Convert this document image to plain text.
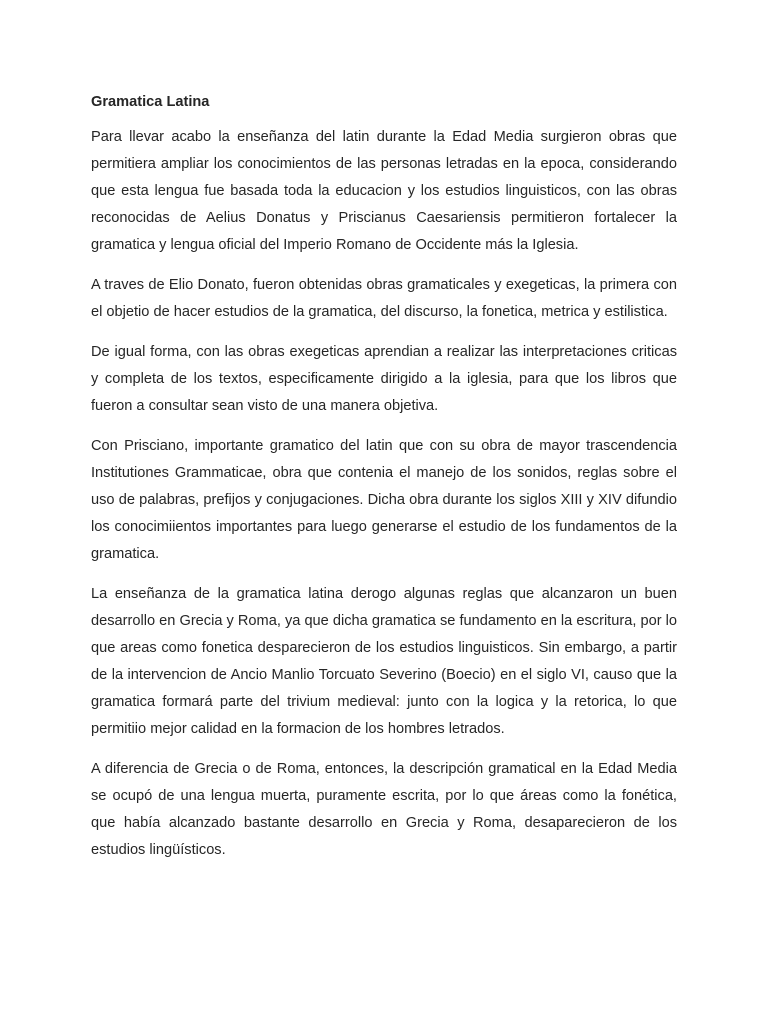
Gramatica Latina

Para llevar acabo la enseñanza del latin durante la Edad Media surgieron obras que permitiera ampliar los conocimientos de las personas letradas en la epoca, considerando que esta lengua fue basada toda la educacion y los estudios linguisticos, con las obras reconocidas de Aelius Donatus y Priscianus Caesariensis permitieron fortalecer la gramatica y lengua oficial del Imperio Romano de Occidente más la Iglesia.

A traves de Elio Donato, fueron obtenidas obras gramaticales y exegeticas, la primera con el objetio de hacer estudios de la gramatica, del discurso, la fonetica, metrica y estilistica.

De igual forma, con las obras exegeticas aprendian a realizar las interpretaciones criticas y completa de los textos, especificamente dirigido a la iglesia, para que los libros que fueron a consultar sean visto de una manera objetiva.

Con Prisciano, importante gramatico del latin que con su obra de mayor trascendencia Institutiones Grammaticae, obra que contenia el manejo de los sonidos, reglas sobre el uso de palabras, prefijos y conjugaciones. Dicha obra durante los siglos XIII y XIV difundio los conocimiientos importantes para luego generarse el estudio de los fundamentos de la gramatica.

La enseñanza de la gramatica latina derogo algunas reglas que alcanzaron un buen desarrollo en Grecia y Roma, ya que dicha gramatica se fundamento en la escritura, por lo que areas como fonetica desparecieron de los estudios linguisticos. Sin embargo, a partir de la intervencion de Ancio Manlio Torcuato Severino (Boecio) en el siglo VI, causo que la gramatica formará parte del trivium medieval: junto con la logica y la retorica, lo que permitiio mejor calidad en la formacion de los hombres letrados.

A diferencia de Grecia o de Roma, entonces, la descripción gramatical en la Edad Media se ocupó de una lengua muerta, puramente escrita, por lo que áreas como la fonética, que había alcanzado bastante desarrollo en Grecia y Roma, desaparecieron de los estudios lingüísticos.
